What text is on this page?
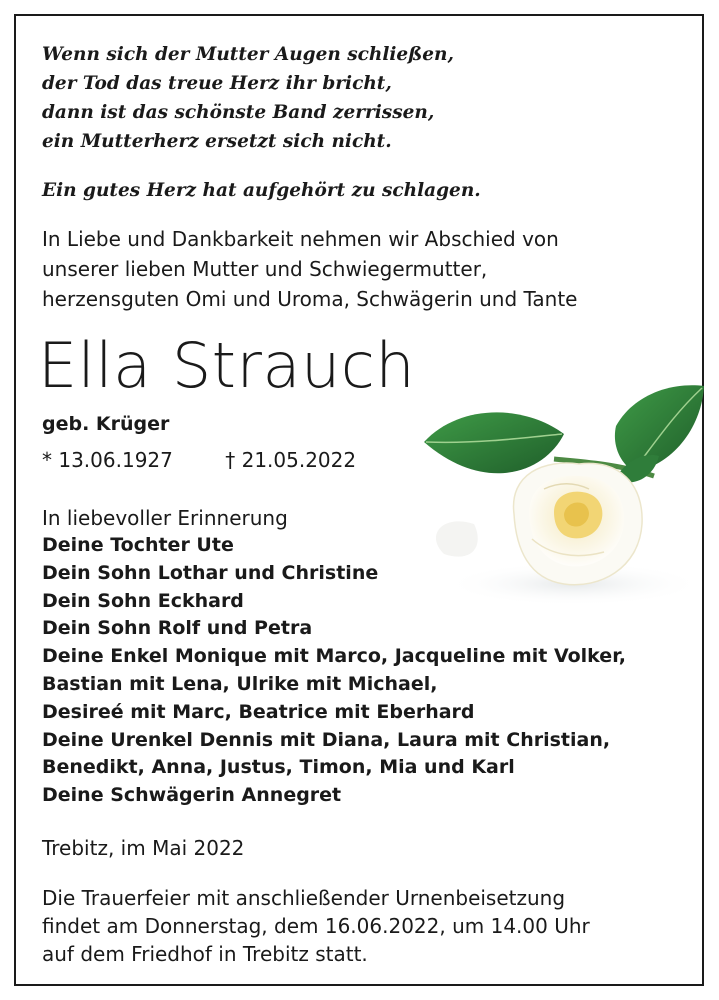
Wenn sich der Mutter Augen schließen,
der Tod das treue Herz ihr bricht,
dann ist das schönste Band zerrissen,
ein Mutterherz ersetzt sich nicht.
Ein gutes Herz hat aufgehört zu schlagen.
In Liebe und Dankbarkeit nehmen wir Abschied von
unserer lieben Mutter und Schwiegermutter,
herzensguten Omi und Uroma, Schwägerin und Tante
Ella Strauch
geb. Krüger
* 13.06.1927	† 21.05.2022
In liebevoller Erinnerung
Deine Tochter Ute
Dein Sohn Lothar und Christine
Dein Sohn Eckhard
Dein Sohn Rolf und Petra
Deine Enkel Monique mit Marco, Jacqueline mit Volker,
Bastian mit Lena, Ulrike mit Michael,
Desireé mit Marc, Beatrice mit Eberhard
Deine Urenkel Dennis mit Diana, Laura mit Christian,
Benedikt, Anna, Justus, Timon, Mia und Karl
Deine Schwägerin Annegret
Trebitz, im Mai 2022
Die Trauerfeier mit anschließender Urnenbeisetzung
findet am Donnerstag, dem 16.06.2022, um 14.00 Uhr
auf dem Friedhof in Trebitz statt.
